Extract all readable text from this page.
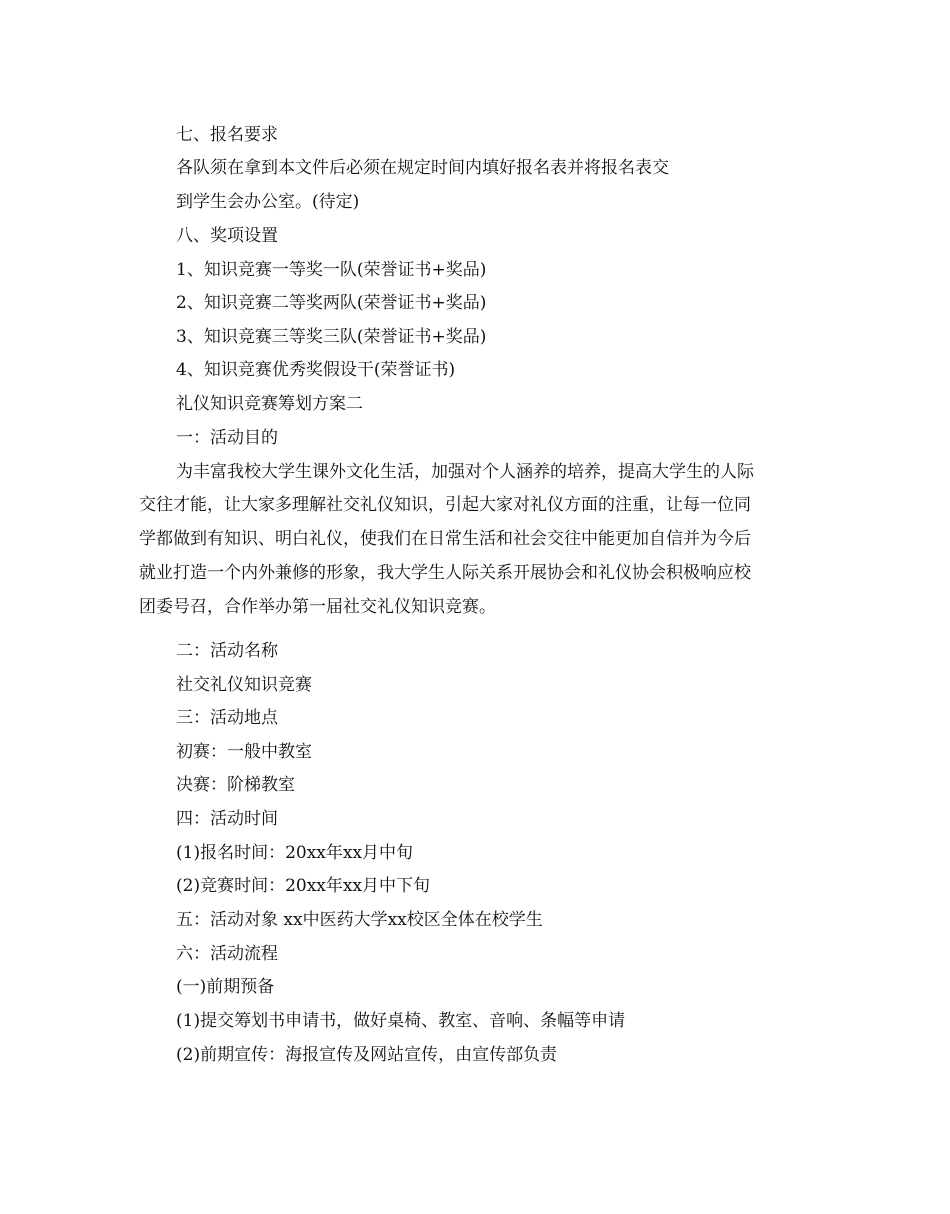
七、报名要求
各队须在拿到本文件后必须在规定时间内填好报名表并将报名表交
到学生会办公室。(待定)
八、奖项设置
1、知识竞赛一等奖一队(荣誉证书+奖品)
2、知识竞赛二等奖两队(荣誉证书+奖品)
3、知识竞赛三等奖三队(荣誉证书+奖品)
4、知识竞赛优秀奖假设干(荣誉证书)
礼仪知识竞赛筹划方案二
一：活动目的
为丰富我校大学生课外文化生活，加强对个人涵养的培养，提高大学生的人际
交往才能，让大家多理解社交礼仪知识，引起大家对礼仪方面的注重，让每一位同
学都做到有知识、明白礼仪，使我们在日常生活和社会交往中能更加自信并为今后
就业打造一个内外兼修的形象，我大学生人际关系开展协会和礼仪协会积极响应校
团委号召，合作举办第一届社交礼仪知识竞赛。
二：活动名称
社交礼仪知识竞赛
三：活动地点
初赛：一般中教室
决赛：阶梯教室
四：活动时间
(1)报名时间：20xx年xx月中旬
(2)竞赛时间：20xx年xx月中下旬
五：活动对象 xx中医药大学xx校区全体在校学生
六：活动流程
(一)前期预备
(1)提交筹划书申请书，做好桌椅、教室、音响、条幅等申请
(2)前期宣传：海报宣传及网站宣传，由宣传部负责
